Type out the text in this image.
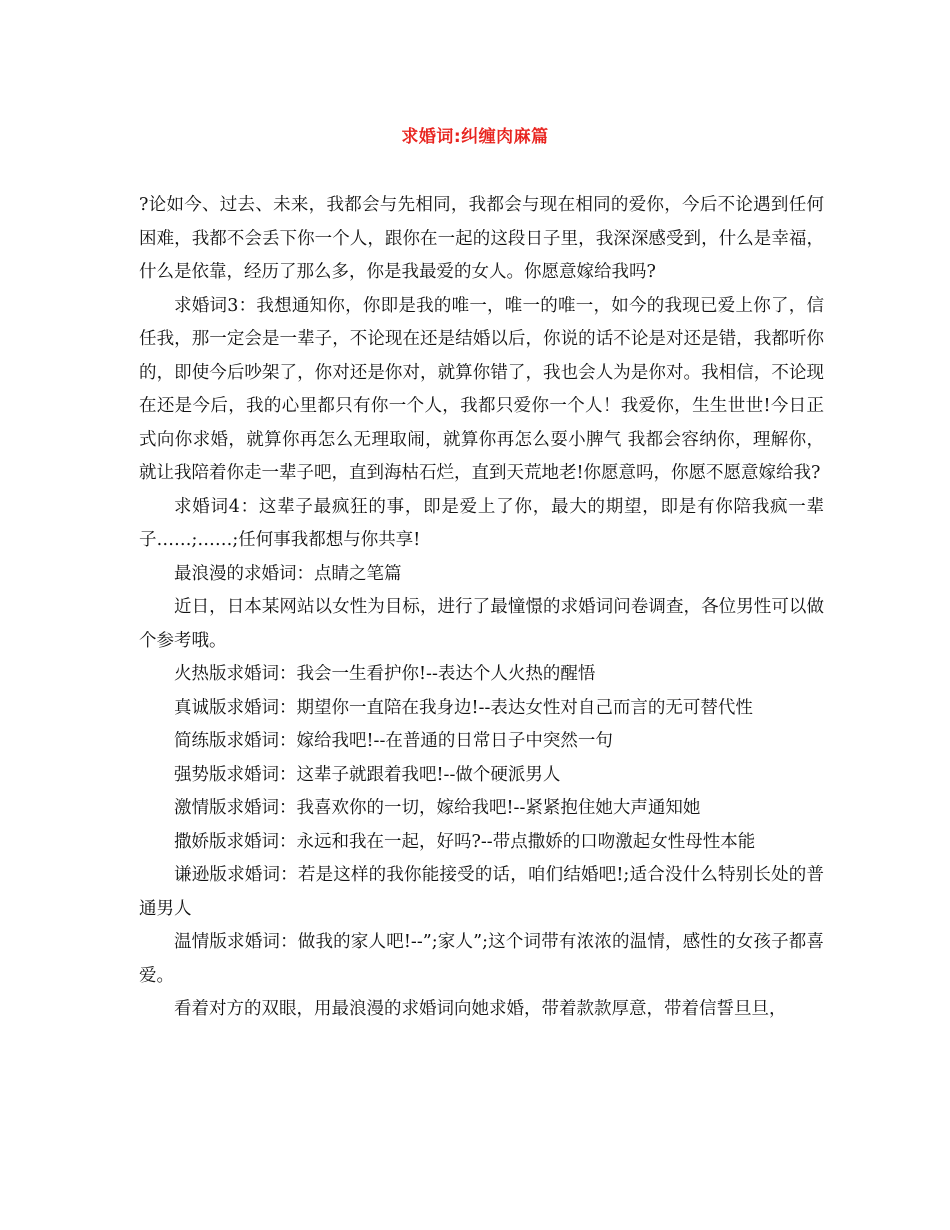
求婚词:纠缠肉麻篇

?论如今、过去、未来，我都会与先相同，我都会与现在相同的爱你，今后不论遇到任何困难，我都不会丢下你一个人，跟你在一起的这段日子里，我深深感受到，什么是幸福，什么是依靠，经历了那么多，你是我最爱的女人。你愿意嫁给我吗?

求婚词3：我想通知你，你即是我的唯一，唯一的唯一，如今的我现已爱上你了，信任我，那一定会是一辈子，不论现在还是结婚以后，你说的话不论是对还是错，我都听你的，即使今后吵架了，你对还是你对，就算你错了，我也会人为是你对。我相信，不论现在还是今后，我的心里都只有你一个人，我都只爱你一个人！我爱你，生生世世!今日正式向你求婚，就算你再怎么无理取闹，就算你再怎么耍小脾气 我都会容纳你，理解你，就让我陪着你走一辈子吧，直到海枯石烂，直到天荒地老!你愿意吗，你愿不愿意嫁给我?

求婚词4：这辈子最疯狂的事，即是爱上了你，最大的期望，即是有你陪我疯一辈子……;……;任何事我都想与你共享!

最浪漫的求婚词：点睛之笔篇

近日，日本某网站以女性为目标，进行了最憧憬的求婚词问卷调查，各位男性可以做个参考哦。

火热版求婚词：我会一生看护你!--表达个人火热的醒悟

真诚版求婚词：期望你一直陪在我身边!--表达女性对自己而言的无可替代性

简练版求婚词：嫁给我吧!--在普通的日常日子中突然一句

强势版求婚词：这辈子就跟着我吧!--做个硬派男人

激情版求婚词：我喜欢你的一切，嫁给我吧!--紧紧抱住她大声通知她

撒娇版求婚词：永远和我在一起，好吗?--带点撒娇的口吻激起女性母性本能

谦逊版求婚词：若是这样的我你能接受的话，咱们结婚吧!;适合没什么特别长处的普通男人

温情版求婚词：做我的家人吧!--”;家人”;这个词带有浓浓的温情，感性的女孩子都喜爱。

看着对方的双眼，用最浪漫的求婚词向她求婚，带着款款厚意，带着信誓旦旦，
